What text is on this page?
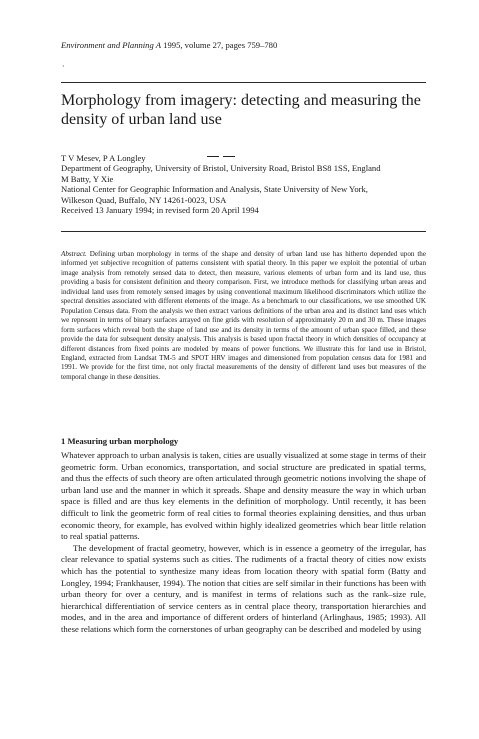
Environment and Planning A 1995, volume 27, pages 759–780
·
Morphology from imagery: detecting and measuring the density of urban land use
T V Mesev, P A Longley
Department of Geography, University of Bristol, University Road, Bristol BS8 1SS, England
M Batty, Y Xie
National Center for Geographic Information and Analysis, State University of New York,
Wilkeson Quad, Buffalo, NY 14261-0023, USA
Received 13 January 1994; in revised form 20 April 1994
Abstract. Defining urban morphology in terms of the shape and density of urban land use has hitherto depended upon the informed yet subjective recognition of patterns consistent with spatial theory. In this paper we exploit the potential of urban image analysis from remotely sensed data to detect, then measure, various elements of urban form and its land use, thus providing a basis for consistent definition and theory comparison. First, we introduce methods for classifying urban areas and individual land uses from remotely sensed images by using conventional maximum likelihood discriminators which utilize the spectral densities associated with different elements of the image. As a benchmark to our classifications, we use smoothed UK Population Census data. From the analysis we then extract various definitions of the urban area and its distinct land uses which we represent in terms of binary surfaces arrayed on fine grids with resolution of approximately 20 m and 30 m. These images form surfaces which reveal both the shape of land use and its density in terms of the amount of urban space filled, and these provide the data for subsequent density analysis. This analysis is based upon fractal theory in which densities of occupancy at different distances from fixed points are modeled by means of power functions. We illustrate this for land use in Bristol, England, extracted from Landsat TM-5 and SPOT HRV images and dimensioned from population census data for 1981 and 1991. We provide for the first time, not only fractal measurements of the density of different land uses but measures of the temporal change in these densities.
1 Measuring urban morphology

Whatever approach to urban analysis is taken, cities are usually visualized at some stage in terms of their geometric form. Urban economics, transportation, and social structure are predicated in spatial terms, and thus the effects of such theory are often articulated through geometric notions involving the shape of urban land use and the manner in which it spreads. Shape and density measure the way in which urban space is filled and are thus key elements in the definition of morphology. Until recently, it has been difficult to link the geometric form of real cities to formal theories explaining densities, and thus urban economic theory, for example, has evolved within highly idealized geometries which bear little relation to real spatial patterns.

The development of fractal geometry, however, which is in essence a geometry of the irregular, has clear relevance to spatial systems such as cities. The rudiments of a fractal theory of cities now exists which has the potential to synthesize many ideas from location theory with spatial form (Batty and Longley, 1994; Frankhauser, 1994). The notion that cities are self similar in their functions has been with urban theory for over a century, and is manifest in terms of relations such as the rank–size rule, hierarchical differentiation of service centers as in central place theory, transportation hierarchies and modes, and in the area and importance of different orders of hinterland (Arlinghaus, 1985; 1993). All these relations which form the cornerstones of urban geography can be described and modeled by using
